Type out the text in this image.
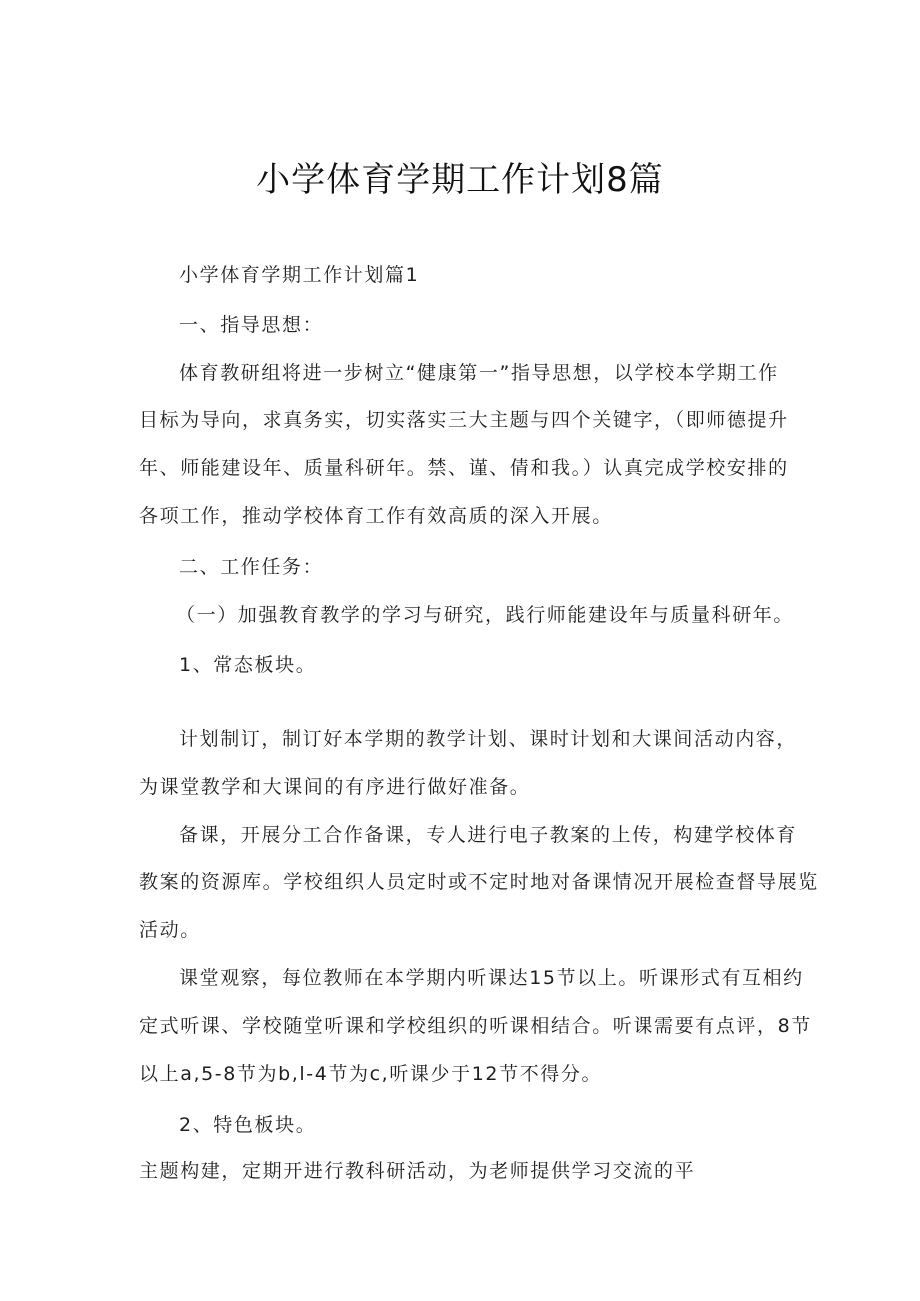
小学体育学期工作计划8篇
小学体育学期工作计划篇1
一、指导思想：
体育教研组将进一步树立“健康第一”指导思想，以学校本学期工作
目标为导向，求真务实，切实落实三大主题与四个关键字，（即师德提升
年、师能建设年、质量科研年。禁、谨、倩和我。）认真完成学校安排的
各项工作，推动学校体育工作有效高质的深入开展。
二、工作任务：
（一）加强教育教学的学习与研究，践行师能建设年与质量科研年。
1、常态板块。
计划制订，制订好本学期的教学计划、课时计划和大课间活动内容，
为课堂教学和大课间的有序进行做好准备。
备课，开展分工合作备课，专人进行电子教案的上传，构建学校体育
教案的资源库。学校组织人员定时或不定时地对备课情况开展检查督导展览
活动。
课堂观察，每位教师在本学期内听课达15节以上。听课形式有互相约
定式听课、学校随堂听课和学校组织的听课相结合。听课需要有点评，8节
以上a,5-8节为b,l-4节为c,听课少于12节不得分。
2、特色板块。
主题构建，定期开进行教科研活动，为老师提供学习交流的平
